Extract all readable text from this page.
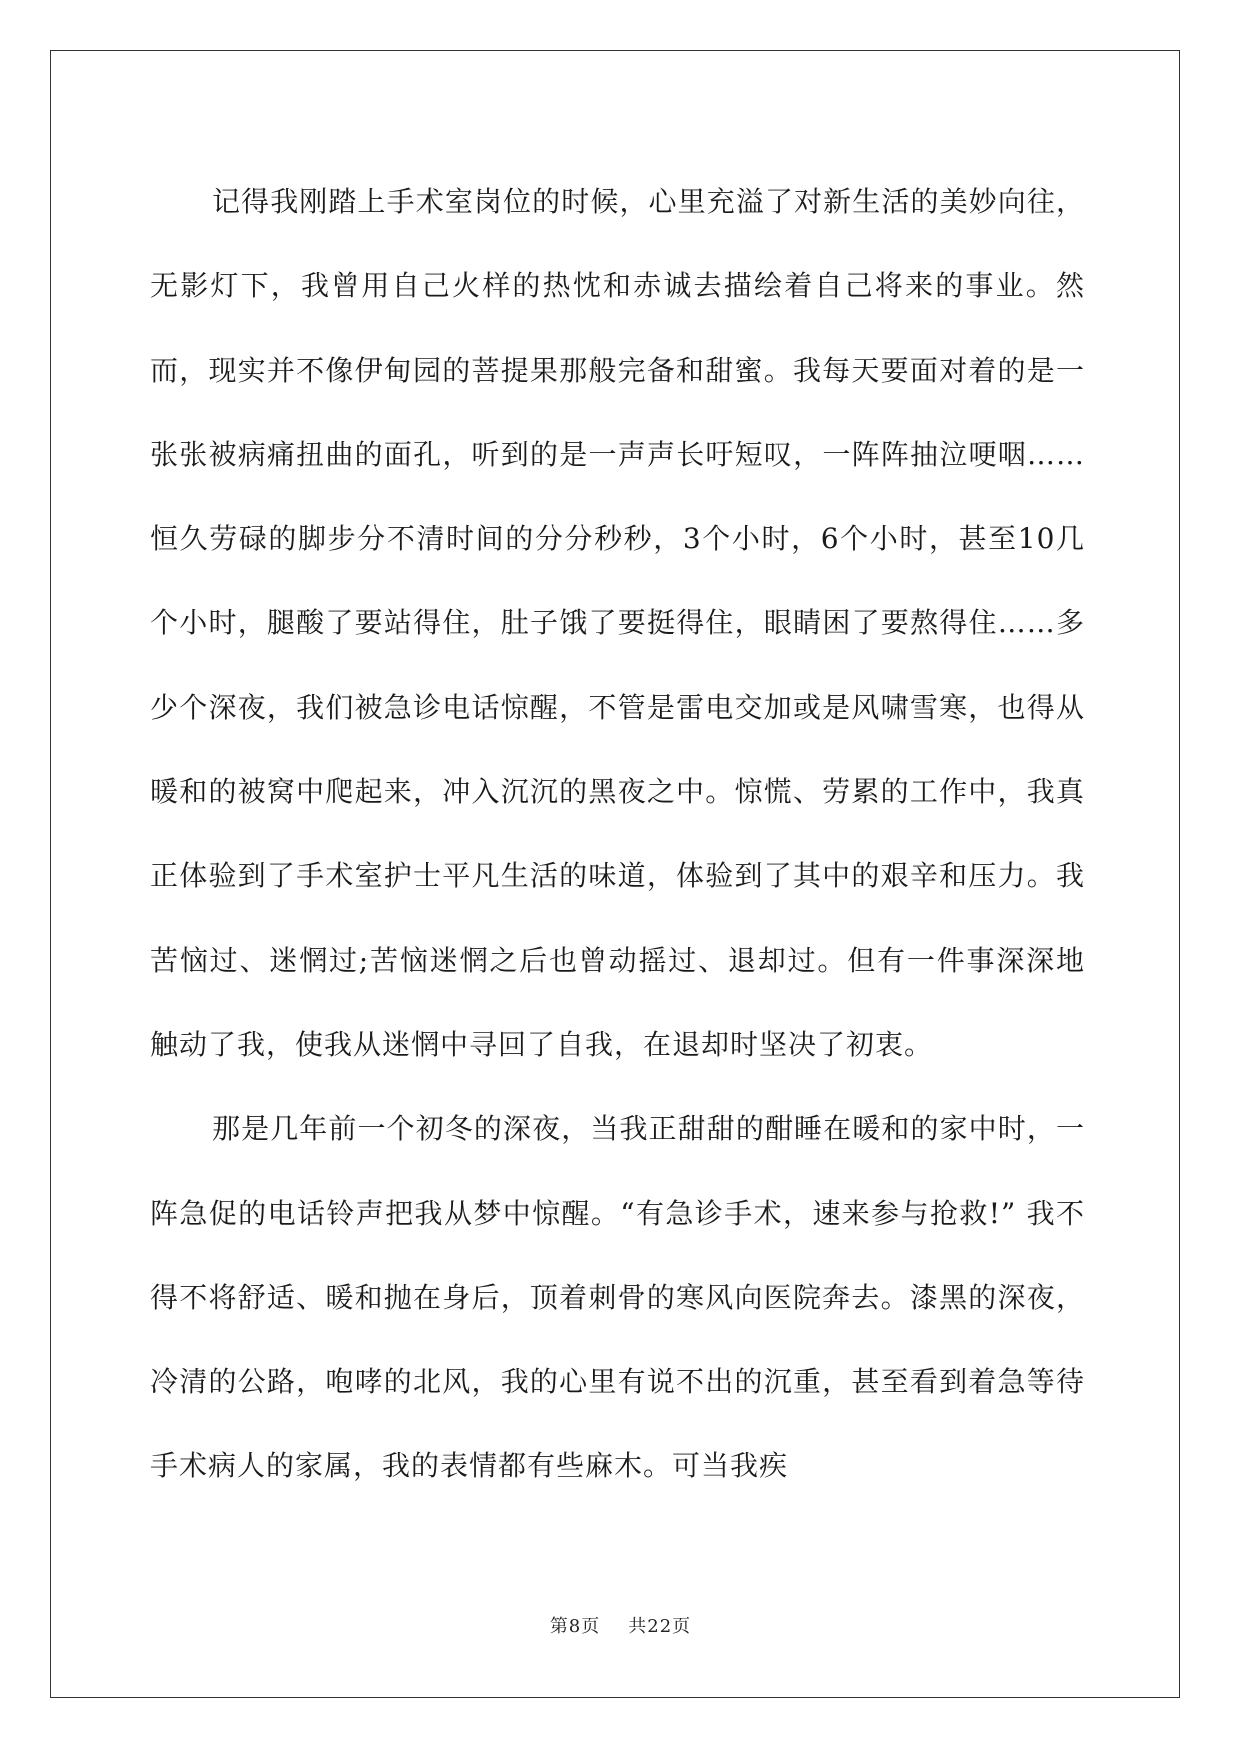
记得我刚踏上手术室岗位的时候，心里充溢了对新生活的美妙向往，无影灯下，我曾用自己火样的热忱和赤诚去描绘着自己将来的事业。然而，现实并不像伊甸园的菩提果那般完备和甜蜜。我每天要面对着的是一张张被病痛扭曲的面孔，听到的是一声声长吁短叹，一阵阵抽泣哽咽……恒久劳碌的脚步分不清时间的分分秒秒，3个小时，6个小时，甚至10几个小时，腿酸了要站得住，肚子饿了要挺得住，眼睛困了要熬得住……多少个深夜，我们被急诊电话惊醒，不管是雷电交加或是风啸雪寒，也得从暖和的被窝中爬起来，冲入沉沉的黑夜之中。惊慌、劳累的工作中，我真正体验到了手术室护士平凡生活的味道，体验到了其中的艰辛和压力。我苦恼过、迷惘过;苦恼迷惘之后也曾动摇过、退却过。但有一件事深深地触动了我，使我从迷惘中寻回了自我，在退却时坚决了初衷。

那是几年前一个初冬的深夜，当我正甜甜的酣睡在暖和的家中时，一阵急促的电话铃声把我从梦中惊醒。“有急诊手术，速来参与抢救!” 我不得不将舒适、暖和抛在身后，顶着刺骨的寒风向医院奔去。漆黑的深夜，冷清的公路，咆哮的北风，我的心里有说不出的沉重，甚至看到着急等待手术病人的家属，我的表情都有些麻木。可当我疾

第8页 共22页
